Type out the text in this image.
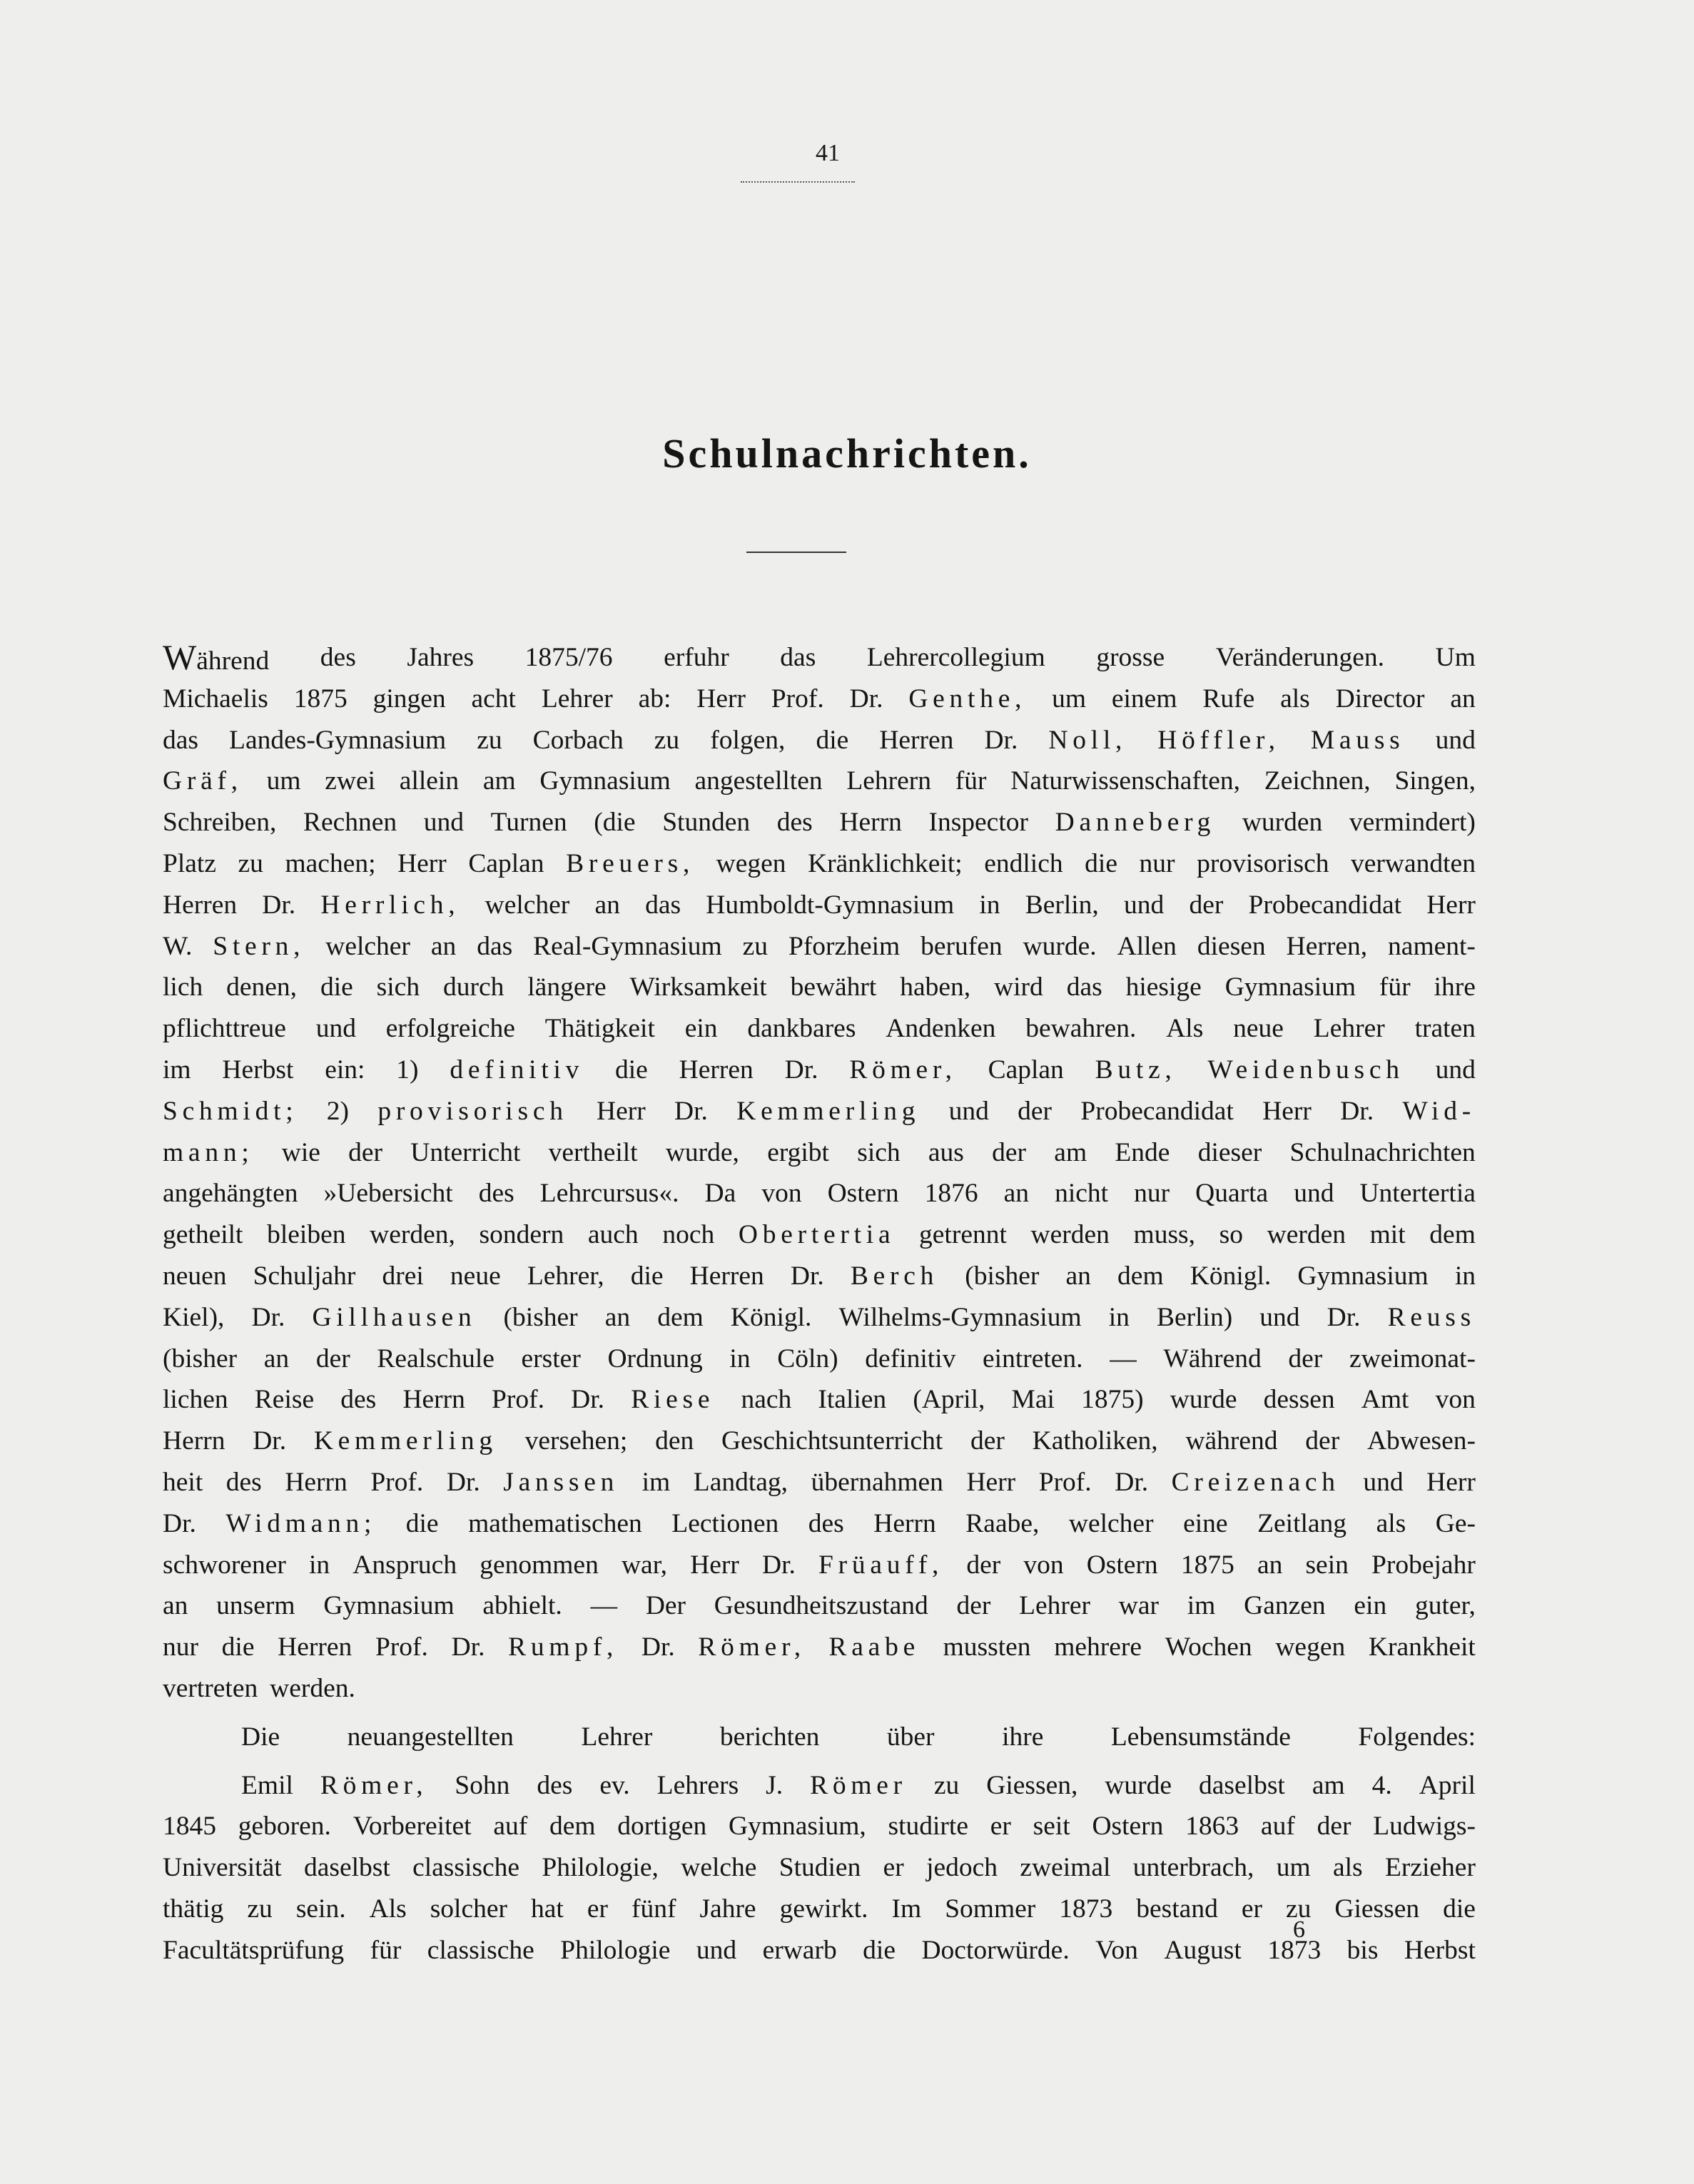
41
Schulnachrichten.
Während des Jahres 1875/76 erfuhr das Lehrercollegium grosse Veränderungen. Um
Michaelis 1875 gingen acht Lehrer ab: Herr Prof. Dr. Genthe, um einem Rufe als Director an
das Landes-Gymnasium zu Corbach zu folgen, die Herren Dr. Noll, Höffler, Mauss und
Gräf, um zwei allein am Gymnasium angestellten Lehrern für Naturwissenschaften, Zeichnen, Singen,
Schreiben, Rechnen und Turnen (die Stunden des Herrn Inspector Danneberg wurden vermindert)
Platz zu machen; Herr Caplan Breuers, wegen Kränklichkeit; endlich die nur provisorisch verwandten
Herren Dr. Herrlich, welcher an das Humboldt-Gymnasium in Berlin, und der Probecandidat Herr
W. Stern, welcher an das Real-Gymnasium zu Pforzheim berufen wurde. Allen diesen Herren, nament-
lich denen, die sich durch längere Wirksamkeit bewährt haben, wird das hiesige Gymnasium für ihre
pflichttreue und erfolgreiche Thätigkeit ein dankbares Andenken bewahren. Als neue Lehrer traten
im Herbst ein: 1) definitiv die Herren Dr. Römer, Caplan Butz, Weidenbusch und
Schmidt; 2) provisorisch Herr Dr. Kemmerling und der Probecandidat Herr Dr. Wid-
mann; wie der Unterricht vertheilt wurde, ergibt sich aus der am Ende dieser Schulnachrichten
angehängten »Uebersicht des Lehrcursus«. Da von Ostern 1876 an nicht nur Quarta und Untertertia
getheilt bleiben werden, sondern auch noch Obertertia getrennt werden muss, so werden mit dem
neuen Schuljahr drei neue Lehrer, die Herren Dr. Berch (bisher an dem Königl. Gymnasium in
Kiel), Dr. Gillhausen (bisher an dem Königl. Wilhelms-Gymnasium in Berlin) und Dr. Reuss
(bisher an der Realschule erster Ordnung in Cöln) definitiv eintreten. — Während der zweimonat-
lichen Reise des Herrn Prof. Dr. Riese nach Italien (April, Mai 1875) wurde dessen Amt von
Herrn Dr. Kemmerling versehen; den Geschichtsunterricht der Katholiken, während der Abwesen-
heit des Herrn Prof. Dr. Janssen im Landtag, übernahmen Herr Prof. Dr. Creizenach und Herr
Dr. Widmann; die mathematischen Lectionen des Herrn Raabe, welcher eine Zeitlang als Ge-
schworener in Anspruch genommen war, Herr Dr. Früauff, der von Ostern 1875 an sein Probejahr
an unserm Gymnasium abhielt. — Der Gesundheitszustand der Lehrer war im Ganzen ein guter,
nur die Herren Prof. Dr. Rumpf, Dr. Römer, Raabe mussten mehrere Wochen wegen Krankheit
vertreten werden.
Die	neuangestellten	Lehrer	berichten	über	ihre	Lebensumstände	Folgendes:
Emil Römer, Sohn des ev. Lehrers J. Römer zu Giessen, wurde daselbst am 4. April
1845 geboren. Vorbereitet auf dem dortigen Gymnasium, studirte er seit Ostern 1863 auf der Ludwigs-
Universität daselbst classische Philologie, welche Studien er jedoch zweimal unterbrach, um als Erzieher
thätig zu sein. Als solcher hat er fünf Jahre gewirkt. Im Sommer 1873 bestand er zu Giessen die
Facultätsprüfung für classische Philologie und erwarb die Doctorwürde. Von August 1873 bis Herbst
6
